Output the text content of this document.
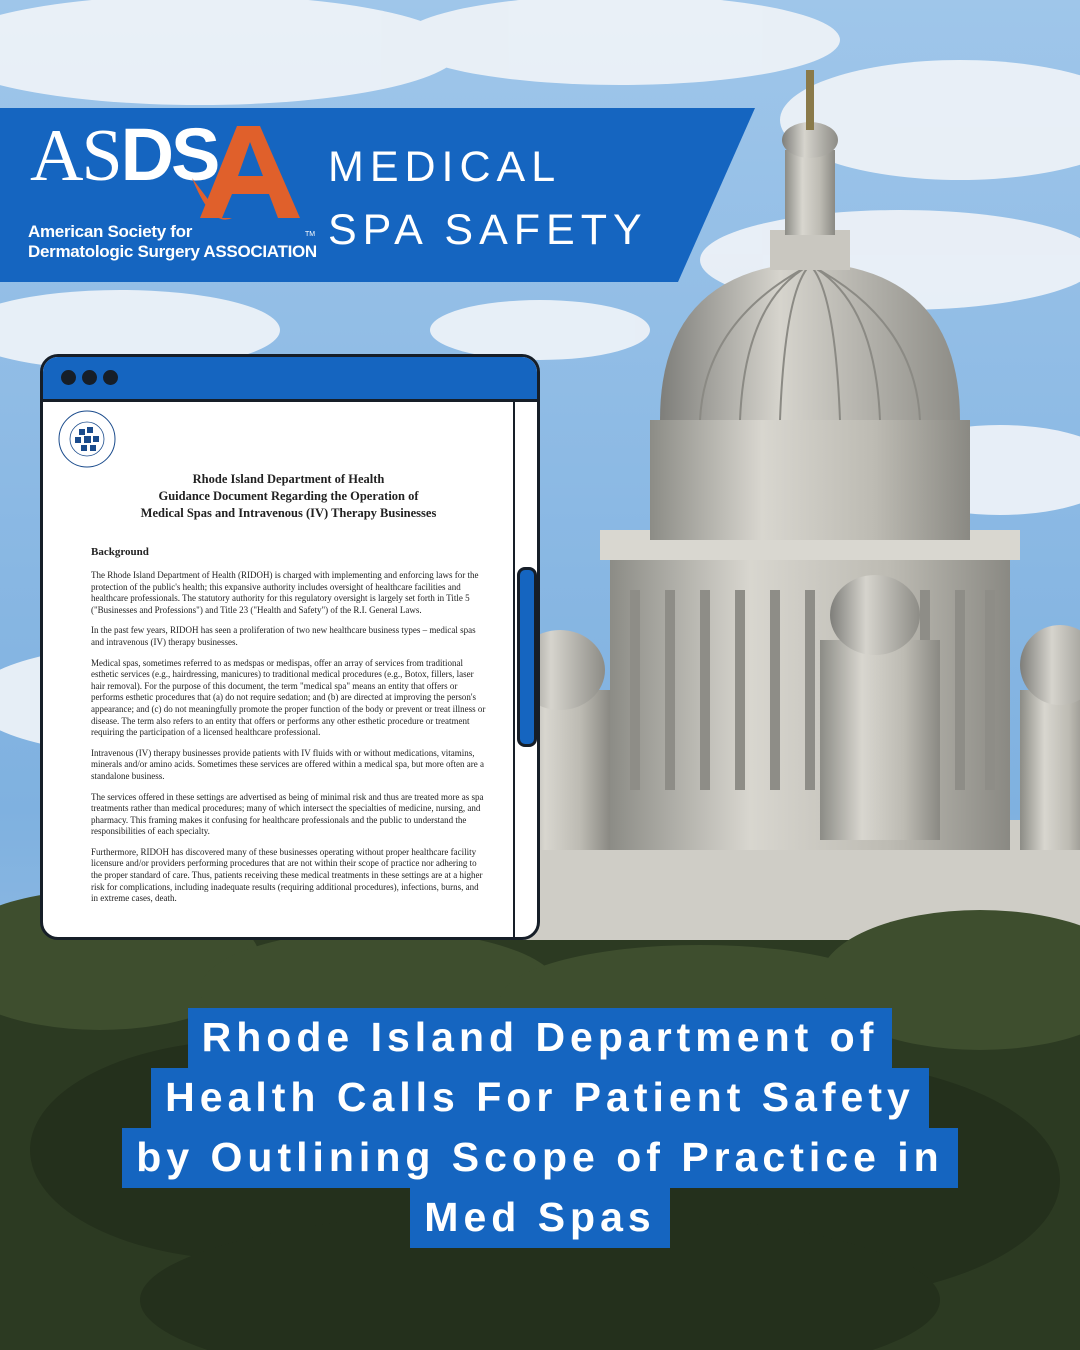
ASDS
American Society for
Dermatologic Surgery ASSOCIATION
TM
MEDICAL
SPA SAFETY
Rhode Island Department of Health
Guidance Document Regarding the Operation of
Medical Spas and Intravenous (IV) Therapy Businesses
Background

The Rhode Island Department of Health (RIDOH) is charged with implementing and enforcing laws for the protection of the public's health; this expansive authority includes oversight of healthcare facilities and healthcare professionals. The statutory authority for this regulatory oversight is largely set forth in Title 5 ("Businesses and Professions") and Title 23 ("Health and Safety") of the R.I. General Laws.

In the past few years, RIDOH has seen a proliferation of two new healthcare business types – medical spas and intravenous (IV) therapy businesses.

Medical spas, sometimes referred to as medspas or medispas, offer an array of services from traditional esthetic services (e.g., hairdressing, manicures) to traditional medical procedures (e.g., Botox, fillers, laser hair removal). For the purpose of this document, the term "medical spa" means an entity that offers or performs esthetic procedures that (a) do not require sedation; and (b) are directed at improving the person's appearance; and (c) do not meaningfully promote the proper function of the body or prevent or treat illness or disease. The term also refers to an entity that offers or performs any other esthetic procedure or treatment requiring the participation of a licensed healthcare professional.

Intravenous (IV) therapy businesses provide patients with IV fluids with or without medications, vitamins, minerals and/or amino acids. Sometimes these services are offered within a medical spa, but more often are a standalone business.

The services offered in these settings are advertised as being of minimal risk and thus are treated more as spa treatments rather than medical procedures; many of which intersect the specialties of medicine, nursing, and pharmacy. This framing makes it confusing for healthcare professionals and the public to understand the responsibilities of each specialty.

Furthermore, RIDOH has discovered many of these businesses operating without proper healthcare facility licensure and/or providers performing procedures that are not within their scope of practice nor adhering to the proper standard of care. Thus, patients receiving these medical treatments in these settings are at a higher risk for complications, including inadequate results (requiring additional procedures), infections, burns, and in extreme cases, death.

Rhode Island Department of
Health Calls For Patient Safety
by Outlining Scope of Practice in
Med Spas
